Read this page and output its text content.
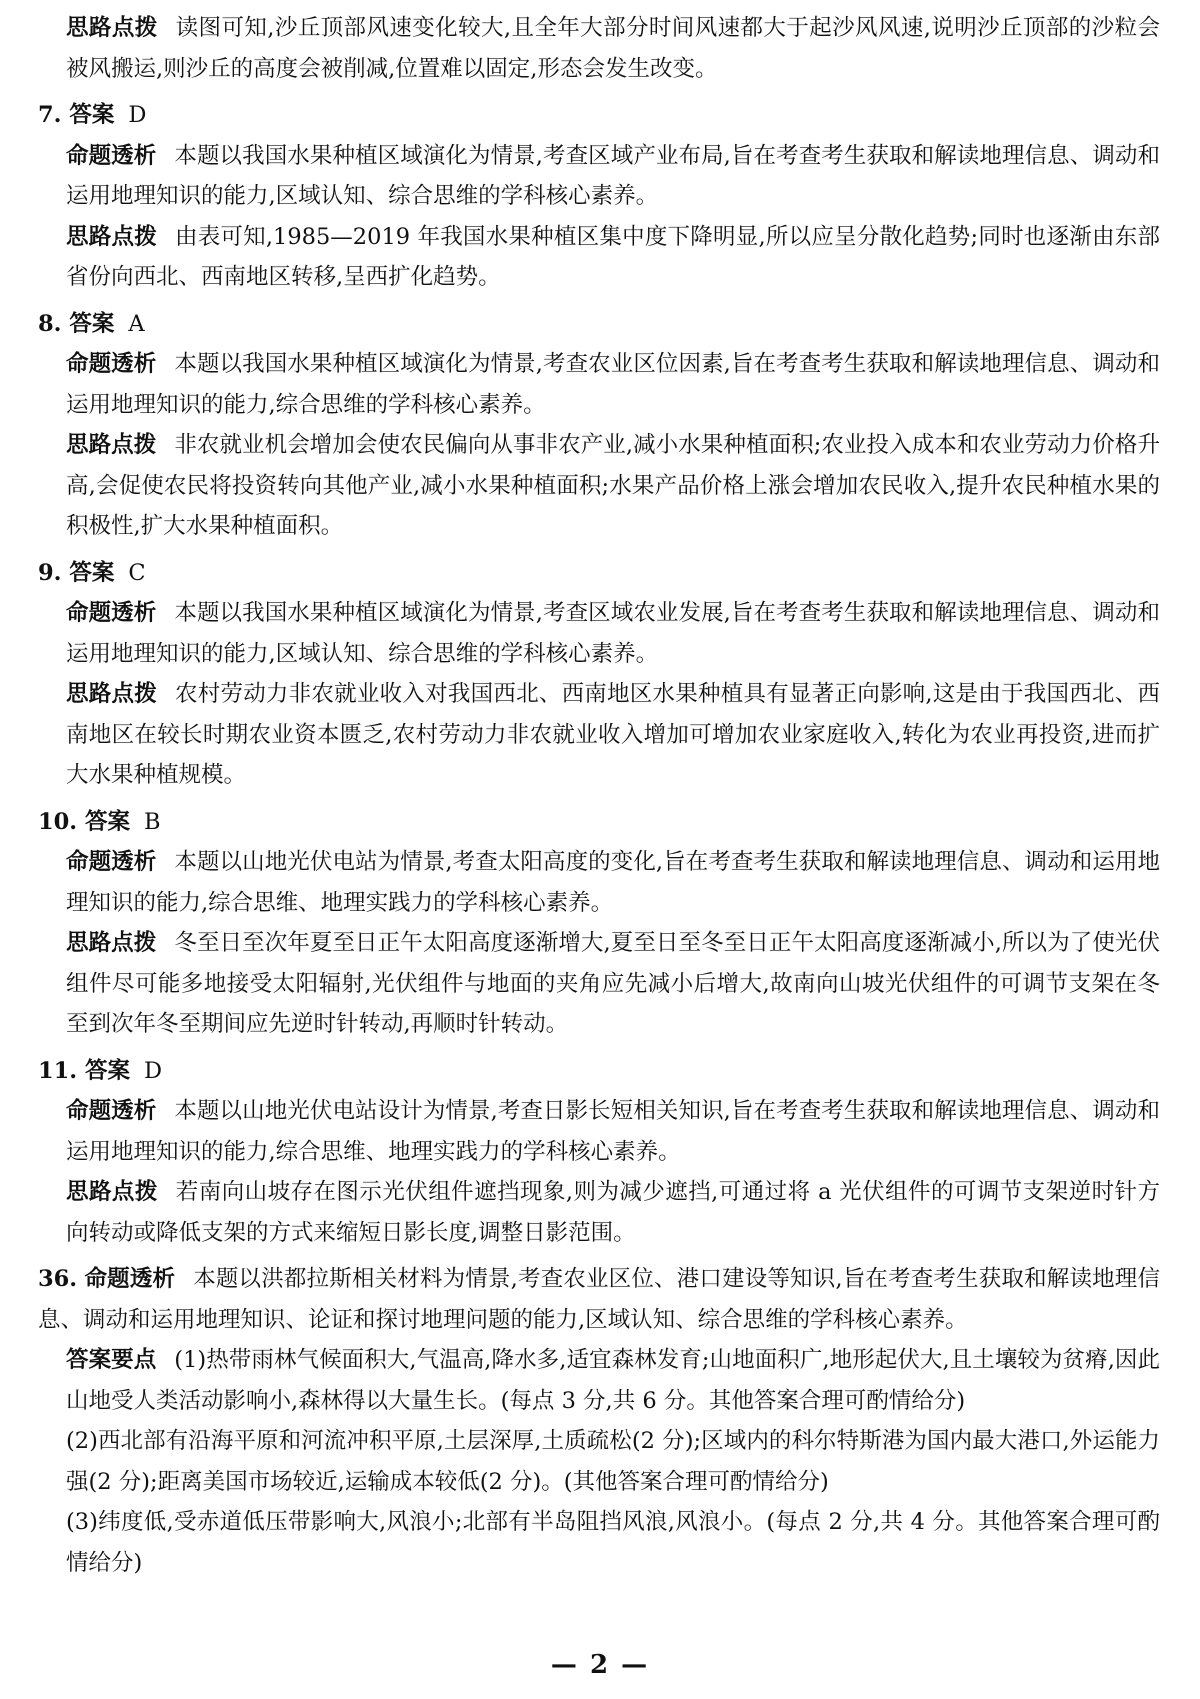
思路点拨 读图可知,沙丘顶部风速变化较大,且全年大部分时间风速都大于起沙风风速,说明沙丘顶部的沙粒会被风搬运,则沙丘的高度会被削减,位置难以固定,形态会发生改变。

7. 答案 D

命题透析 本题以我国水果种植区域演化为情景,考查区域产业布局,旨在考查考生获取和解读地理信息、调动和运用地理知识的能力,区域认知、综合思维的学科核心素养。

思路点拨 由表可知,1985—2019 年我国水果种植区集中度下降明显,所以应呈分散化趋势;同时也逐渐由东部省份向西北、西南地区转移,呈西扩化趋势。

8. 答案 A

命题透析 本题以我国水果种植区域演化为情景,考查农业区位因素,旨在考查考生获取和解读地理信息、调动和运用地理知识的能力,综合思维的学科核心素养。

思路点拨 非农就业机会增加会使农民偏向从事非农产业,减小水果种植面积;农业投入成本和农业劳动力价格升高,会促使农民将投资转向其他产业,减小水果种植面积;水果产品价格上涨会增加农民收入,提升农民种植水果的积极性,扩大水果种植面积。

9. 答案 C

命题透析 本题以我国水果种植区域演化为情景,考查区域农业发展,旨在考查考生获取和解读地理信息、调动和运用地理知识的能力,区域认知、综合思维的学科核心素养。

思路点拨 农村劳动力非农就业收入对我国西北、西南地区水果种植具有显著正向影响,这是由于我国西北、西南地区在较长时期农业资本匮乏,农村劳动力非农就业收入增加可增加农业家庭收入,转化为农业再投资,进而扩大水果种植规模。

10. 答案 B

命题透析 本题以山地光伏电站为情景,考查太阳高度的变化,旨在考查考生获取和解读地理信息、调动和运用地理知识的能力,综合思维、地理实践力的学科核心素养。

思路点拨 冬至日至次年夏至日正午太阳高度逐渐增大,夏至日至冬至日正午太阳高度逐渐减小,所以为了使光伏组件尽可能多地接受太阳辐射,光伏组件与地面的夹角应先减小后增大,故南向山坡光伏组件的可调节支架在冬至到次年冬至期间应先逆时针转动,再顺时针转动。

11. 答案 D

命题透析 本题以山地光伏电站设计为情景,考查日影长短相关知识,旨在考查考生获取和解读地理信息、调动和运用地理知识的能力,综合思维、地理实践力的学科核心素养。

思路点拨 若南向山坡存在图示光伏组件遮挡现象,则为减少遮挡,可通过将 a 光伏组件的可调节支架逆时针方向转动或降低支架的方式来缩短日影长度,调整日影范围。

36. 命题透析 本题以洪都拉斯相关材料为情景,考查农业区位、港口建设等知识,旨在考查考生获取和解读地理信息、调动和运用地理知识、论证和探讨地理问题的能力,区域认知、综合思维的学科核心素养。

答案要点 (1)热带雨林气候面积大,气温高,降水多,适宜森林发育;山地面积广,地形起伏大,且土壤较为贫瘠,因此山地受人类活动影响小,森林得以大量生长。(每点 3 分,共 6 分。其他答案合理可酌情给分)

(2)西北部有沿海平原和河流冲积平原,土层深厚,土质疏松(2 分);区域内的科尔特斯港为国内最大港口,外运能力强(2 分);距离美国市场较近,运输成本较低(2 分)。(其他答案合理可酌情给分)

(3)纬度低,受赤道低压带影响大,风浪小;北部有半岛阻挡风浪,风浪小。(每点 2 分,共 4 分。其他答案合理可酌情给分)

— 2 —
